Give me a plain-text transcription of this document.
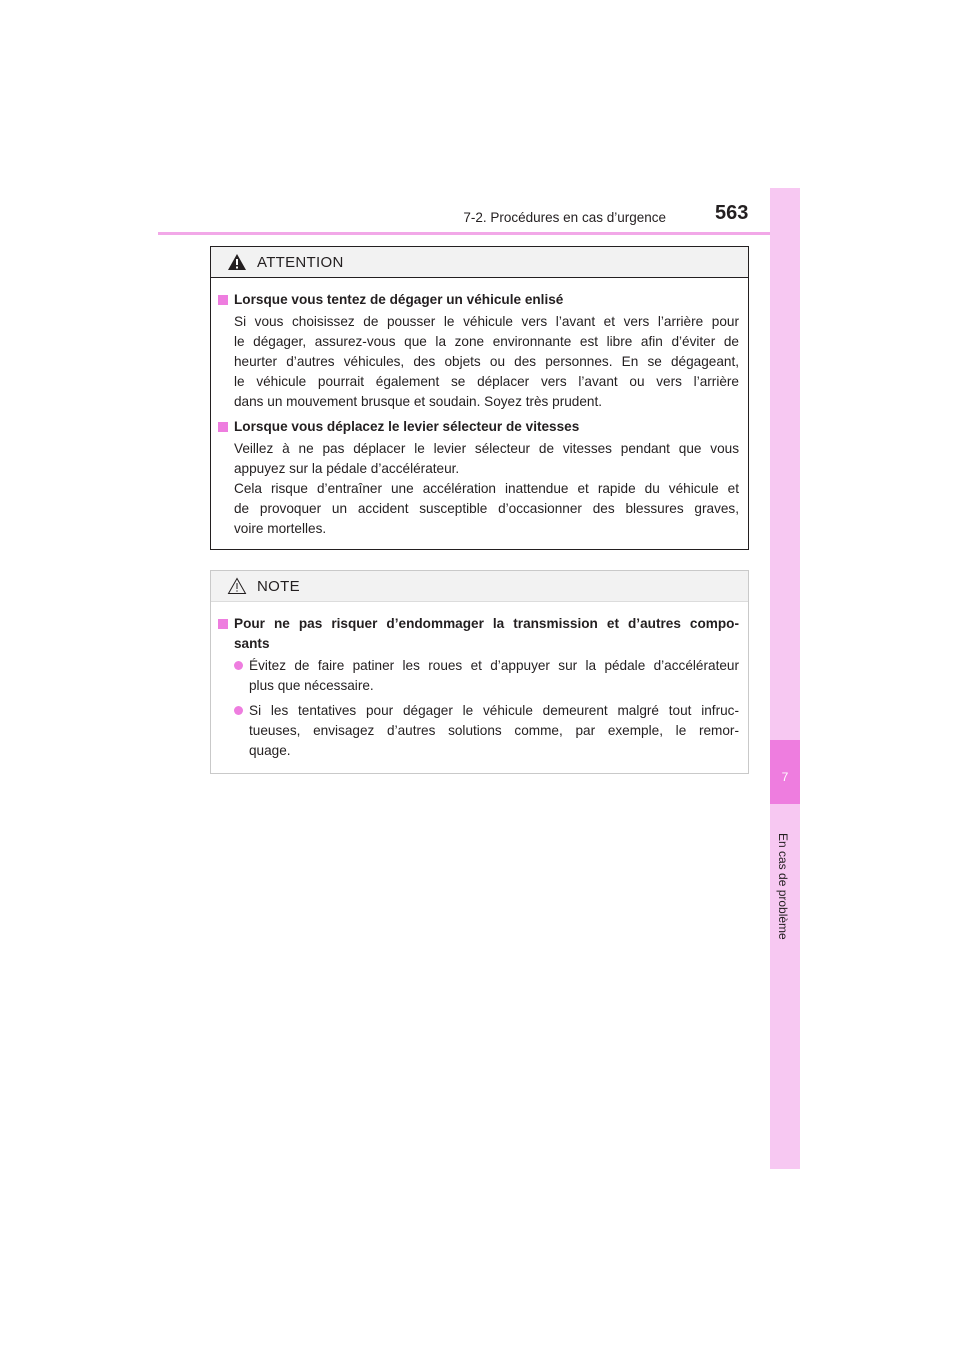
7-2. Procédures en cas d’urgence 563
7
En cas de problème
ATTENTION
Lorsque vous tentez de dégager un véhicule enlisé
Si vous choisissez de pousser le véhicule vers l’avant et vers l’arrière pour
le dégager, assurez-vous que la zone environnante est libre afin d’éviter de
heurter d’autres véhicules, des objets ou des personnes. En se dégageant,
le véhicule pourrait également se déplacer vers l’avant ou vers l’arrière
dans un mouvement brusque et soudain. Soyez très prudent.
Lorsque vous déplacez le levier sélecteur de vitesses
Veillez à ne pas déplacer le levier sélecteur de vitesses pendant que vous
appuyez sur la pédale d’accélérateur.
Cela risque d’entraîner une accélération inattendue et rapide du véhicule et
de provoquer un accident susceptible d’occasionner des blessures graves,
voire mortelles.
NOTE
Pour ne pas risquer d’endommager la transmission et d’autres compo-
sants
Évitez de faire patiner les roues et d’appuyer sur la pédale d’accélérateur
plus que nécessaire.
Si les tentatives pour dégager le véhicule demeurent malgré tout infruc-
tueuses, envisagez d’autres solutions comme, par exemple, le remor-
quage.
